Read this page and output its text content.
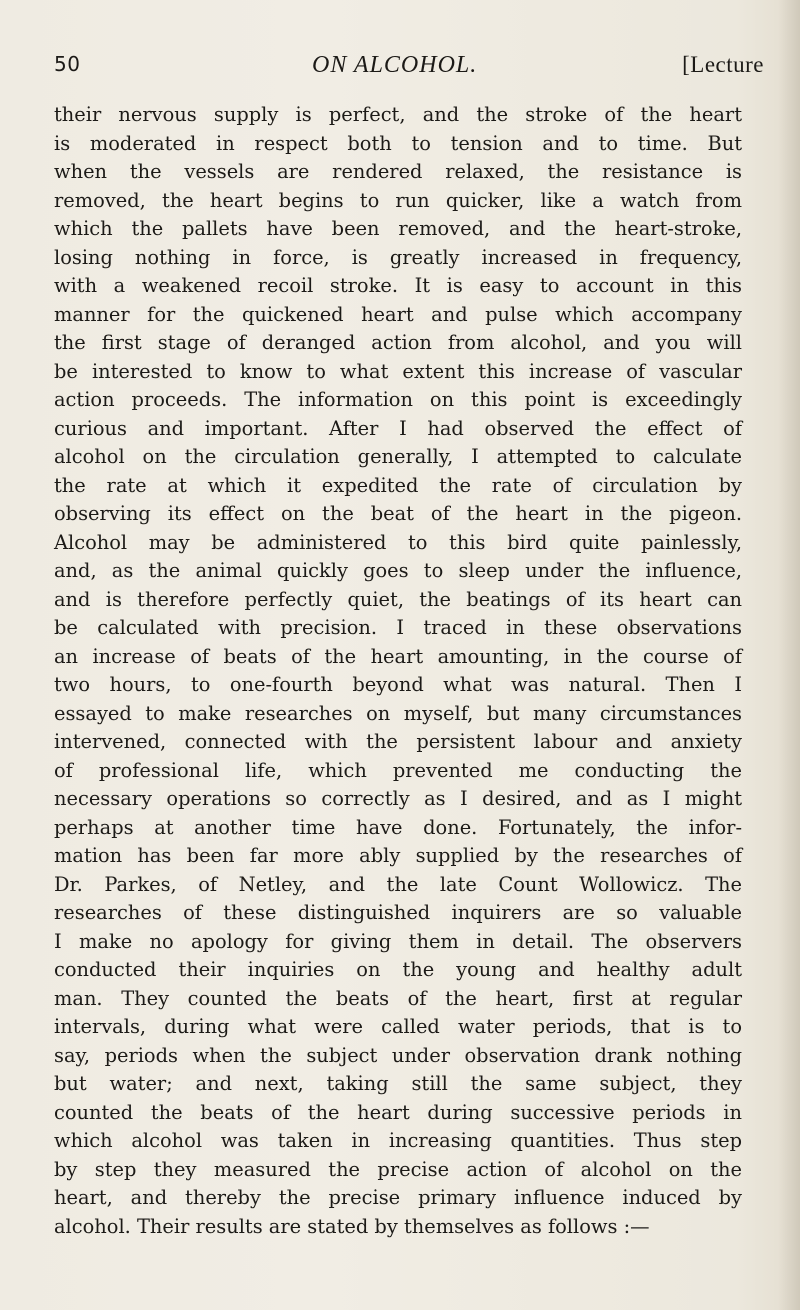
50	ON ALCOHOL.	[Lecture
their nervous supply is perfect, and the stroke of the heart
is moderated in respect both to tension and to time. But
when the vessels are rendered relaxed, the resistance is
removed, the heart begins to run quicker, like a watch from
which the pallets have been removed, and the heart-stroke,
losing nothing in force, is greatly increased in frequency,
with a weakened recoil stroke. It is easy to account in this
manner for the quickened heart and pulse which accompany
the first stage of deranged action from alcohol, and you will
be interested to know to what extent this increase of vascular
action proceeds. The information on this point is exceedingly
curious and important. After I had observed the effect of
alcohol on the circulation generally, I attempted to calculate
the rate at which it expedited the rate of circulation by
observing its effect on the beat of the heart in the pigeon.
Alcohol may be administered to this bird quite painlessly,
and, as the animal quickly goes to sleep under the influence,
and is therefore perfectly quiet, the beatings of its heart can
be calculated with precision. I traced in these observations
an increase of beats of the heart amounting, in the course of
two hours, to one-fourth beyond what was natural. Then I
essayed to make researches on myself, but many circumstances
intervened, connected with the persistent labour and anxiety
of professional life, which prevented me conducting the
necessary operations so correctly as I desired, and as I might
perhaps at another time have done. Fortunately, the infor-
mation has been far more ably supplied by the researches of
Dr. Parkes, of Netley, and the late Count Wollowicz. The
researches of these distinguished inquirers are so valuable
I make no apology for giving them in detail. The observers
conducted their inquiries on the young and healthy adult
man. They counted the beats of the heart, first at regular
intervals, during what were called water periods, that is to
say, periods when the subject under observation drank nothing
but water; and next, taking still the same subject, they
counted the beats of the heart during successive periods in
which alcohol was taken in increasing quantities. Thus step
by step they measured the precise action of alcohol on the
heart, and thereby the precise primary influence induced by
alcohol. Their results are stated by themselves as follows :—
